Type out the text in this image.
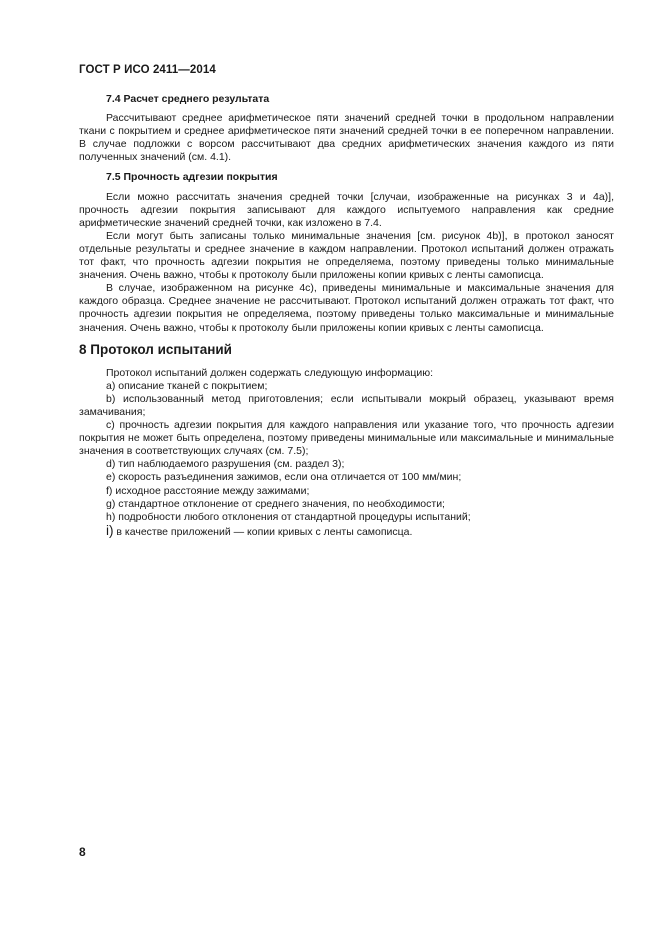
ГОСТ Р ИСО 2411—2014
7.4 Расчет среднего результата

Рассчитывают среднее арифметическое пяти значений средней точки в продольном направлении ткани с покрытием и среднее арифметическое пяти значений средней точки в ее поперечном направлении. В случае подложки с ворсом рассчитывают два средних арифметических значения каждого из пяти полученных значений (см. 4.1).

7.5 Прочность адгезии покрытия

Если можно рассчитать значения средней точки [случаи, изображенные на рисунках 3 и 4а)], прочность адгезии покрытия записывают для каждого испытуемого направления как средние арифметические значений средней точки, как изложено в 7.4.

Если могут быть записаны только минимальные значения [см. рисунок 4b)], в протокол заносят отдельные результаты и среднее значение в каждом направлении. Протокол испытаний должен отражать тот факт, что прочность адгезии покрытия не определяема, поэтому приведены только минимальные значения. Очень важно, чтобы к протоколу были приложены копии кривых с ленты самописца.

В случае, изображенном на рисунке 4с), приведены минимальные и максимальные значения для каждого образца. Среднее значение не рассчитывают. Протокол испытаний должен отражать тот факт, что прочность адгезии покрытия не определяема, поэтому приведены только максимальные и минимальные значения. Очень важно, чтобы к протоколу были приложены копии кривых с ленты самописца.

8 Протокол испытаний

Протокол испытаний должен содержать следующую информацию:

a) описание тканей с покрытием;

b) использованный метод приготовления; если испытывали мокрый образец, указывают время замачивания;

c) прочность адгезии покрытия для каждого направления или указание того, что прочность адгезии покрытия не может быть определена, поэтому приведены минимальные или максимальные и минимальные значения в соответствующих случаях (см. 7.5);

d) тип наблюдаемого разрушения (см. раздел 3);

e) скорость разъединения зажимов, если она отличается от 100 мм/мин;

f) исходное расстояние между зажимами;

g) стандартное отклонение от среднего значения, по необходимости;

h) подробности любого отклонения от стандартной процедуры испытаний;

i) в качестве приложений — копии кривых с ленты самописца.

8
